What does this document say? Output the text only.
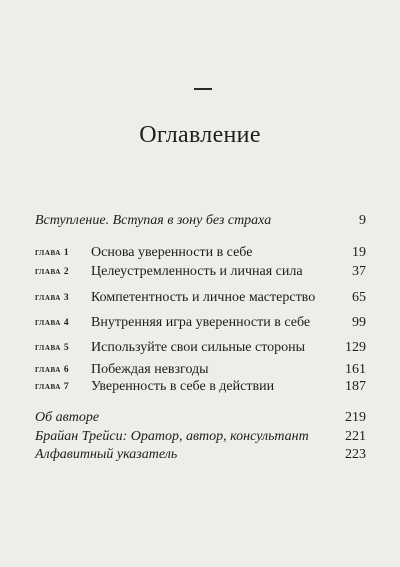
Оглавление
Вступление. Вступая в зону без страха	9
глава 1 Основа уверенности в себе	19
глава 2 Целеустремленность и личная сила	37
глава 3 Компетентность и личное мастерство	65
глава 4 Внутренняя игра уверенности в себе	99
глава 5 Используйте свои сильные стороны	129
глава 6 Побеждая невзгоды	161
глава 7 Уверенность в себе в действии	187
Об авторе	219
Брайан Трейси: Оратор, автор, консультант	221
Алфавитный указатель	223
